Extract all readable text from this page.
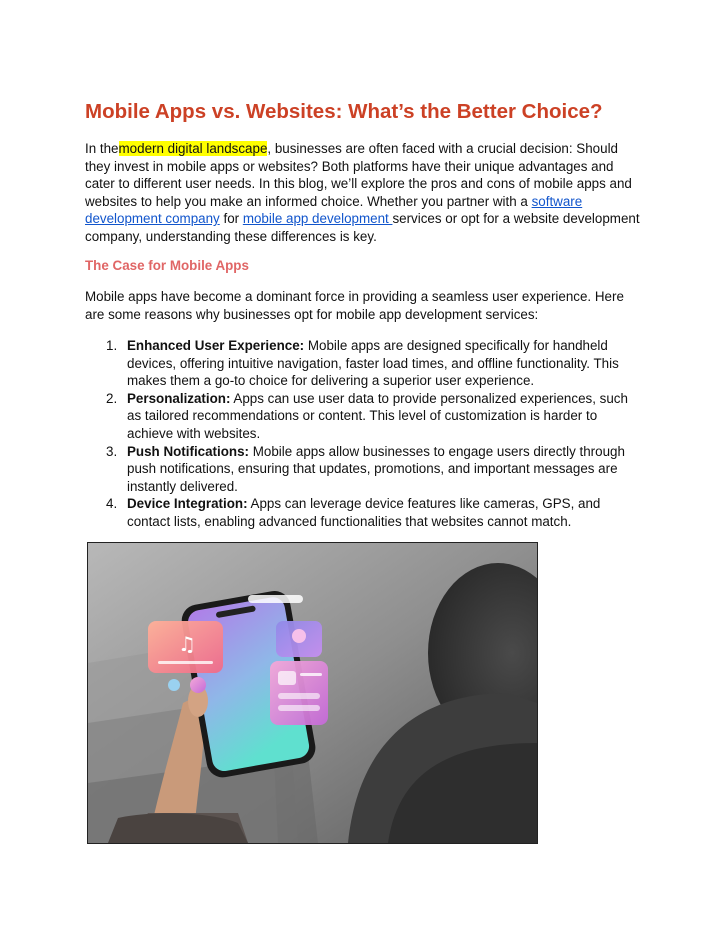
Mobile Apps vs. Websites: What’s the Better Choice?

In themodern digital landscape, businesses are often faced with a crucial decision: Should they invest in mobile apps or websites? Both platforms have their unique advantages and cater to different user needs. In this blog, we’ll explore the pros and cons of mobile apps and websites to help you make an informed choice. Whether you partner with a software development company for mobile app development services or opt for a website development company, understanding these differences is key.

The Case for Mobile Apps

Mobile apps have become a dominant force in providing a seamless user experience. Here are some reasons why businesses opt for mobile app development services:

1. Enhanced User Experience: Mobile apps are designed specifically for handheld devices, offering intuitive navigation, faster load times, and offline functionality. This makes them a go-to choice for delivering a superior user experience.
2. Personalization: Apps can use user data to provide personalized experiences, such as tailored recommendations or content. This level of customization is harder to achieve with websites.
3. Push Notifications: Mobile apps allow businesses to engage users directly through push notifications, ensuring that updates, promotions, and important messages are instantly delivered.
4. Device Integration: Apps can leverage device features like cameras, GPS, and contact lists, enabling advanced functionalities that websites cannot match.
♫
